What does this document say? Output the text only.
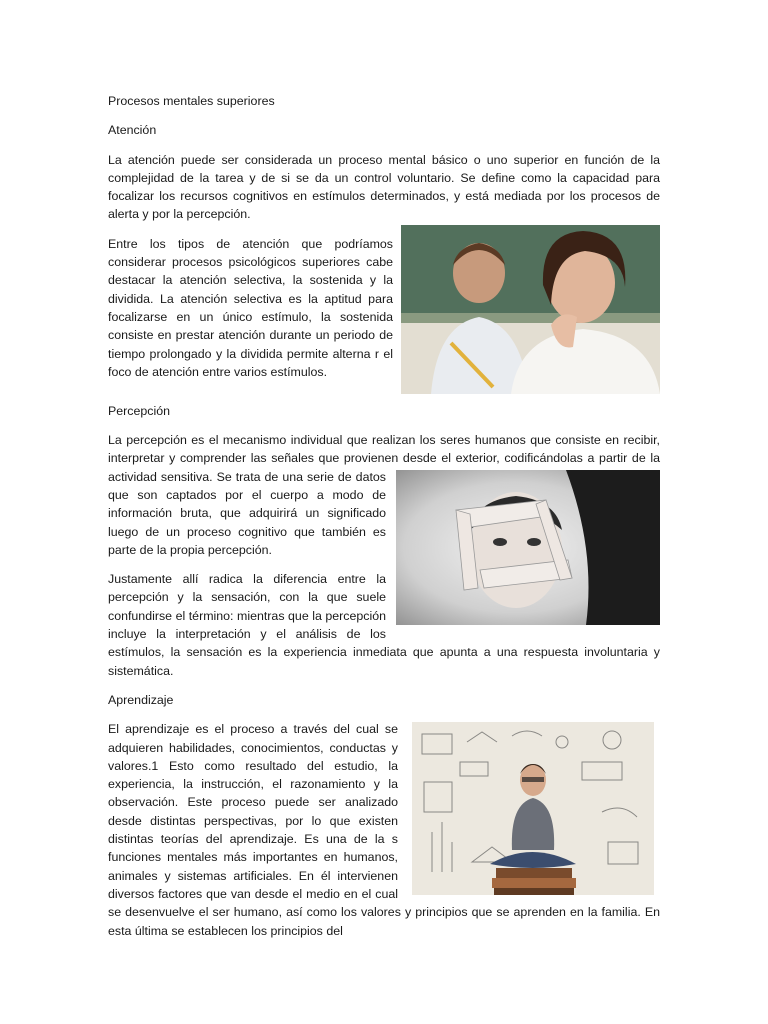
Procesos mentales superiores

Atención

La atención puede ser considerada un proceso mental básico o uno superior en función de la complejidad de la tarea y de si se da un control voluntario. Se define como la capacidad para focalizar los recursos cognitivos en estímulos determinados, y está mediada por los procesos de alerta y por la percepción.

Entre los tipos de atención que podríamos considerar procesos psicológicos superiores cabe destacar la atención selectiva, la sostenida y la dividida. La atención selectiva es la aptitud para focalizarse en un único estímulo, la sostenida consiste en prestar atención durante un periodo de tiempo prolongado y la dividida permite alterna r el foco de atención entre varios estímulos.

Percepción

La percepción es el mecanismo individual que realizan los seres humanos que consiste en recibir, interpretar y comprender las señales que provienen desde el exterior, codificándolas a partir de la
actividad sensitiva. Se trata de una serie de datos que son captados por el cuerpo a modo de información bruta, que adquirirá un significado luego de un proceso cognitivo que también es parte de la propia percepción.

Justamente allí radica la diferencia entre la percepción y la sensación, con la que suele confundirse el término: mientras que la percepción incluye la interpretación y el análisis de los estímulos, la sensación es la experiencia inmediata que apunta a una respuesta involuntaria y sistemática.

Aprendizaje

El aprendizaje es el proceso a través del cual se adquieren habilidades, conocimientos, conductas y valores.1 Esto como resultado del estudio, la experiencia, la instrucción, el razonamiento y la observación. Este proceso puede ser analizado desde distintas perspectivas, por lo que existen distintas teorías del aprendizaje. Es una de la s funciones mentales más importantes en humanos, animales y sistemas artificiales. En él intervienen diversos factores que van desde el medio en el cual se desenvuelve el ser humano, así como los valores y principios que se aprenden en la familia. En esta última se establecen los principios del
